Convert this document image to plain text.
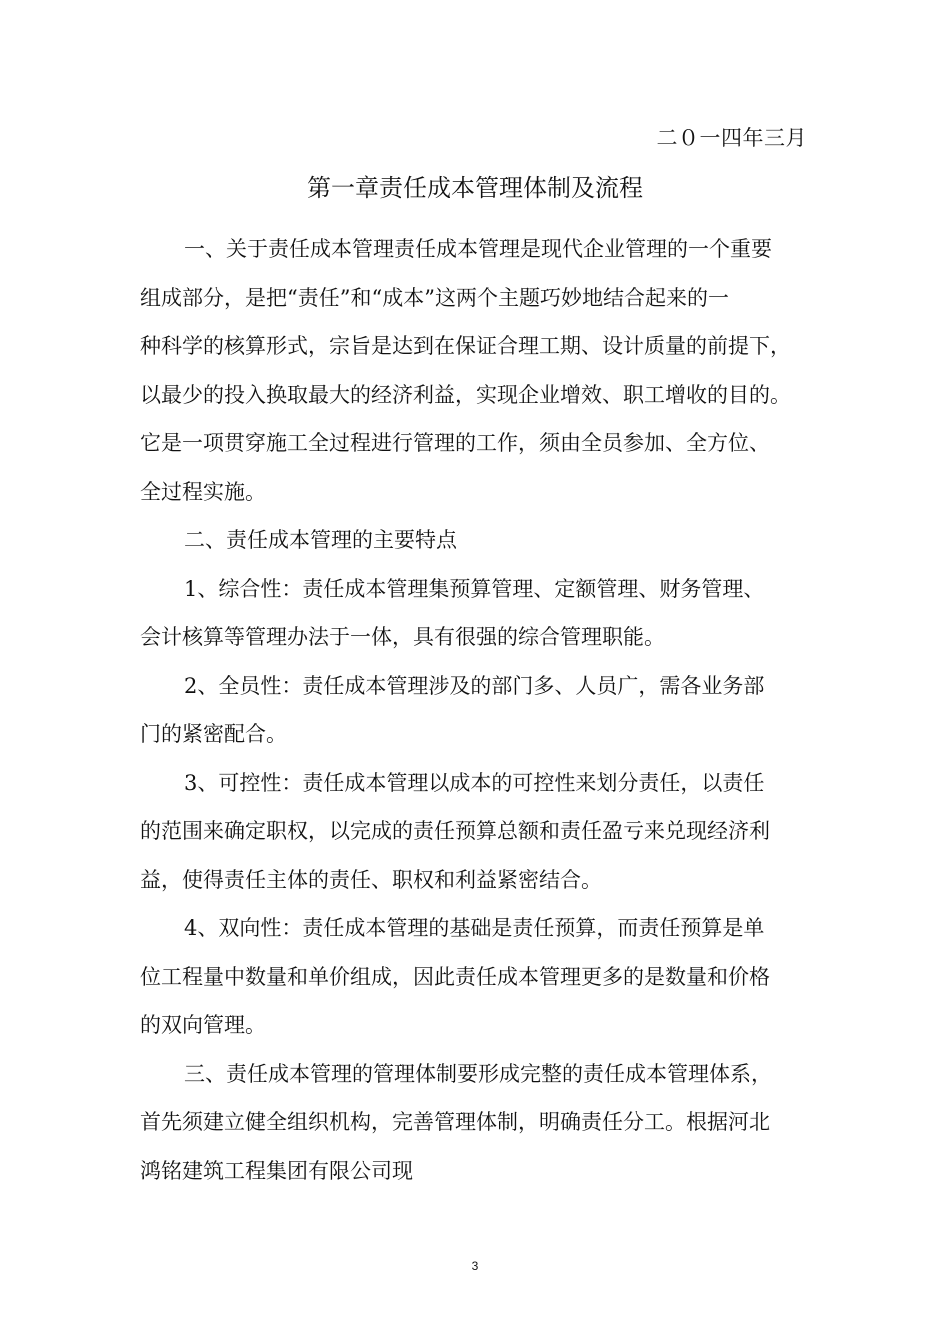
二０一四年三月
第一章责任成本管理体制及流程

一、关于责任成本管理责任成本管理是现代企业管理的一个重要
组成部分，是把“责任”和“成本”这两个主题巧妙地结合起来的一
种科学的核算形式，宗旨是达到在保证合理工期、设计质量的前提下，
以最少的投入换取最大的经济利益，实现企业增效、职工增收的目的。
它是一项贯穿施工全过程进行管理的工作，须由全员参加、全方位、
全过程实施。

二、责任成本管理的主要特点

1、综合性：责任成本管理集预算管理、定额管理、财务管理、
会计核算等管理办法于一体，具有很强的综合管理职能。

2、全员性：责任成本管理涉及的部门多、人员广，需各业务部
门的紧密配合。

3、可控性：责任成本管理以成本的可控性来划分责任，以责任
的范围来确定职权，以完成的责任预算总额和责任盈亏来兑现经济利
益，使得责任主体的责任、职权和利益紧密结合。

4、双向性：责任成本管理的基础是责任预算，而责任预算是单
位工程量中数量和单价组成，因此责任成本管理更多的是数量和价格
的双向管理。

三、责任成本管理的管理体制要形成完整的责任成本管理体系，
首先须建立健全组织机构，完善管理体制，明确责任分工。根据河北
鸿铭建筑工程集团有限公司现

3
